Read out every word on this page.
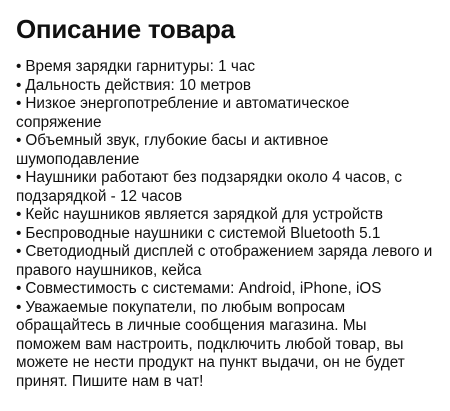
Описание товара
• Время зарядки гарнитуры: 1 час
• Дальность действия: 10 метров
• Низкое энергопотребление и автоматическое сопряжение
• Объемный звук, глубокие басы и активное шумоподавление
• Наушники работают без подзарядки около 4 часов, с подзарядкой - 12 часов
• Кейс наушников является зарядкой для устройств
• Беспроводные наушники с системой Bluetooth 5.1
• Светодиодный дисплей с отображением заряда левого и правого наушников, кейса
• Совместимость с системами: Android, iPhone, iOS
• Уважаемые покупатели, по любым вопросам обращайтесь в личные сообщения магазина. Мы поможем вам настроить, подключить любой товар, вы можете не нести продукт на пункт выдачи, он не будет принят. Пишите нам в чат!
